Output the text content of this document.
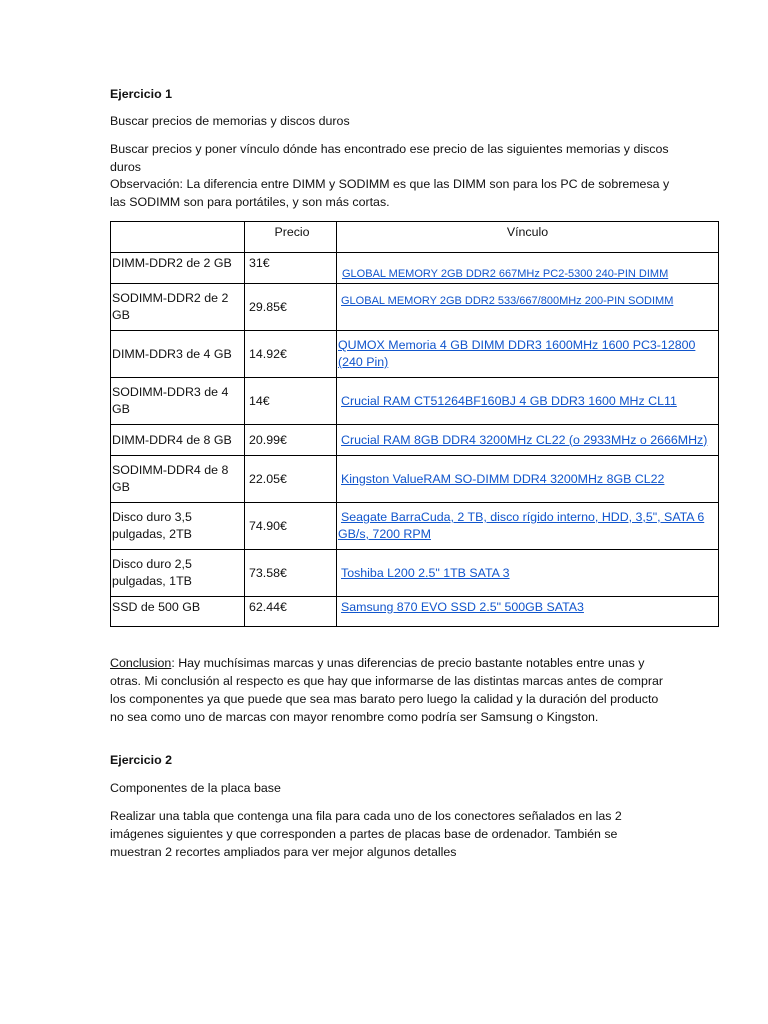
Ejercicio 1

Buscar precios de memorias y discos duros

Buscar precios y poner vínculo dónde has encontrado ese precio de las siguientes memorias y discos duros

Observación: La diferencia entre DIMM y SODIMM es que las DIMM son para los PC de sobremesa y las SODIMM son para portátiles, y son más cortas.

	Precio	Vínculo

DIMM-DDR2 de 2 GB	31€	GLOBAL MEMORY 2GB DDR2 667MHz PC2-5300 240-PIN DIMM
SODIMM-DDR2 de 2 GB	29.85€	GLOBAL MEMORY 2GB DDR2 533/667/800MHz 200-PIN SODIMM
DIMM-DDR3 de 4 GB	14.92€	QUMOX Memoria 4 GB DIMM DDR3 1600MHz 1600 PC3-12800 (240 Pin)
SODIMM-DDR3 de 4 GB	14€	Crucial RAM CT51264BF160BJ 4 GB DDR3 1600 MHz CL11
DIMM-DDR4 de 8 GB	20.99€	Crucial RAM 8GB DDR4 3200MHz CL22 (o 2933MHz o 2666MHz)
SODIMM-DDR4 de 8 GB	22.05€	Kingston ValueRAM SO-DIMM DDR4 3200MHz 8GB CL22
Disco duro 3,5 pulgadas, 2TB	74.90€	Seagate BarraCuda, 2 TB, disco rígido interno, HDD, 3,5", SATA 6 GB/s, 7200 RPM
Disco duro 2,5 pulgadas, 1TB	73.58€	Toshiba L200 2.5" 1TB SATA 3
SSD de 500 GB	62.44€	Samsung 870 EVO SSD 2.5" 500GB SATA3

Conclusion: Hay muchísimas marcas y unas diferencias de precio bastante notables entre unas y otras. Mi conclusión al respecto es que hay que informarse de las distintas marcas antes de comprar los componentes ya que puede que sea mas barato pero luego la calidad y la duración del producto no sea como uno de marcas con mayor renombre como podría ser Samsung o Kingston.

Ejercicio 2

Componentes de la placa base

Realizar una tabla que contenga una fila para cada uno de los conectores señalados en las 2 imágenes siguientes y que corresponden a partes de placas base de ordenador. También se muestran 2 recortes ampliados para ver mejor algunos detalles
